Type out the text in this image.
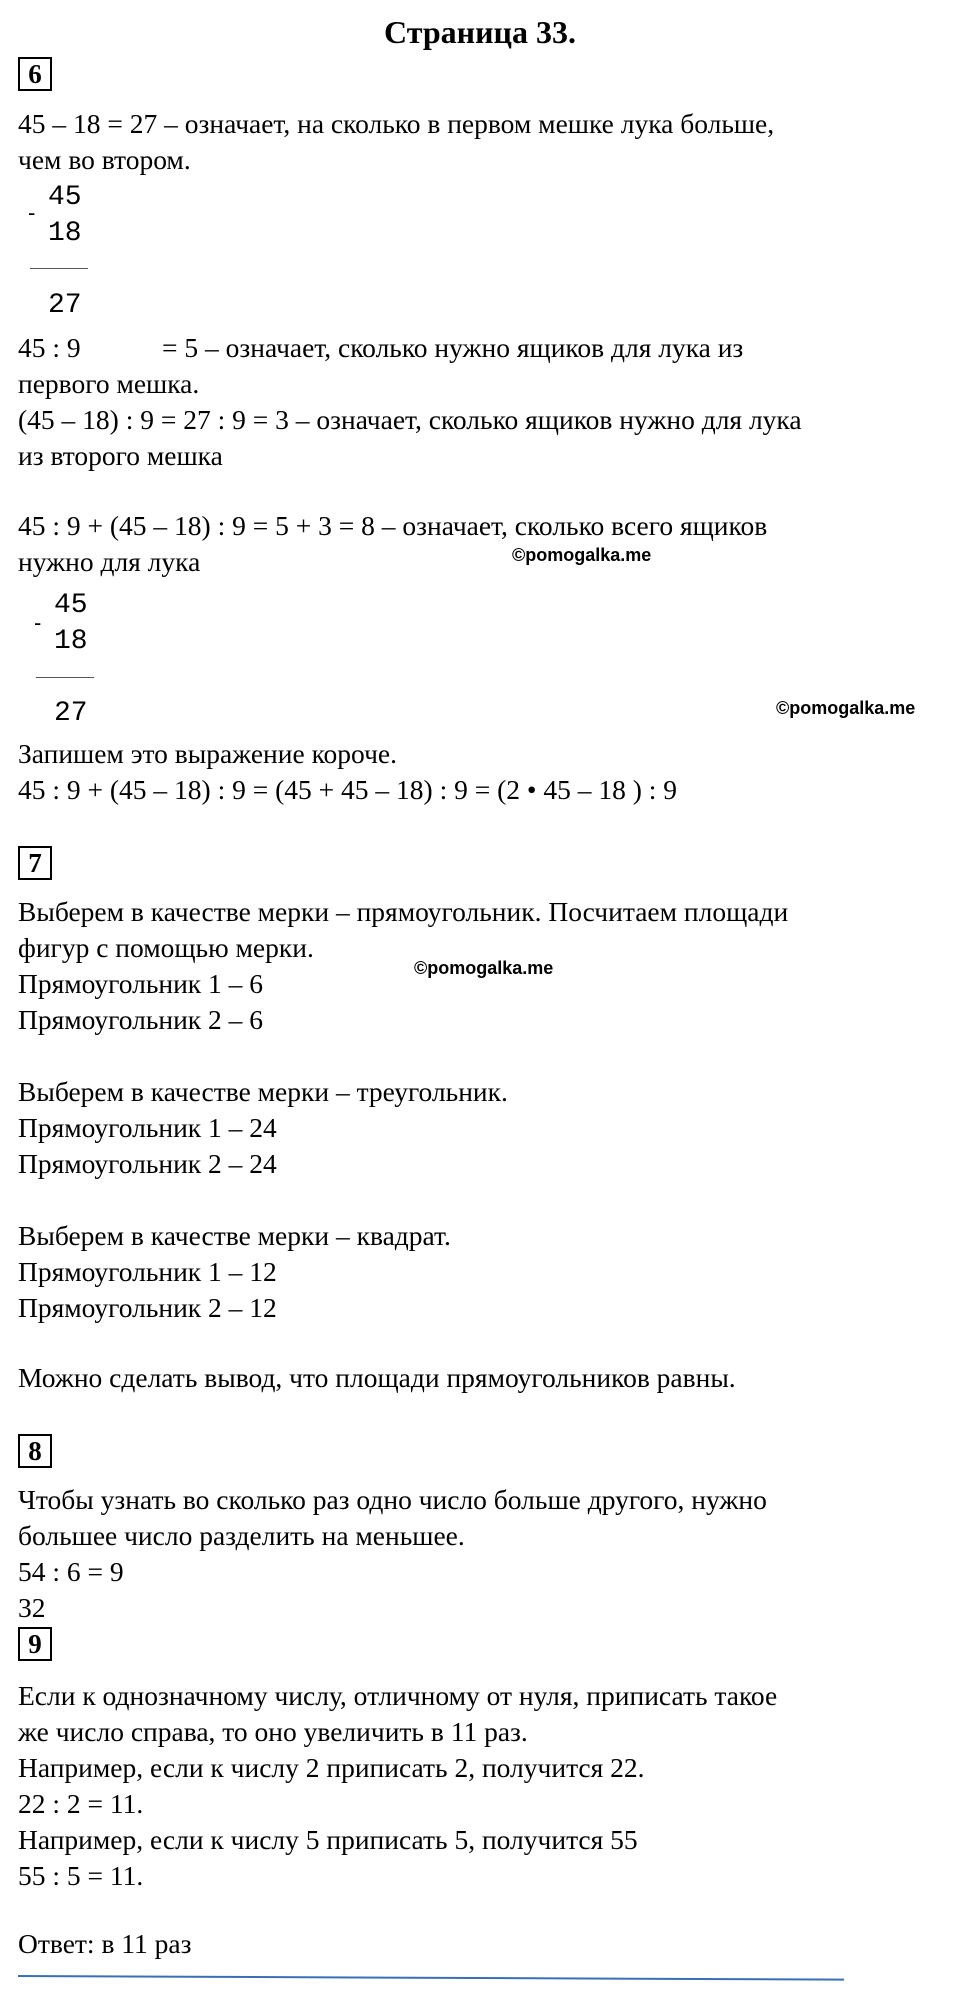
Страница 33.
6
45 – 18 = 27 – означает, на сколько в первом мешке лука больше,
чем во втором.
- 45
18
27
45 : 9	= 5 – означает, сколько нужно ящиков для лука из
первого мешка.
(45 – 18) : 9 = 27 : 9 = 3 – означает, сколько ящиков нужно для лука
из второго мешка
45 : 9 + (45 – 18) : 9 = 5 + 3 = 8 – означает, сколько всего ящиков
нужно для лука	©pomogalka.me
-
45
18
27	©pomogalka.me
Запишем это выражение короче.
45 : 9 + (45 – 18) : 9 = (45 + 45 – 18) : 9 = (2 • 45 – 18 ) : 9
7
Выберем в качестве мерки – прямоугольник. Посчитаем площади
фигур с помощью мерки.
©pomogalka.me
Прямоугольник 1 – 6
Прямоугольник 2 – 6
Выберем в качестве мерки – треугольник.
Прямоугольник 1 – 24
Прямоугольник 2 – 24
Выберем в качестве мерки – квадрат.
Прямоугольник 1 – 12
Прямоугольник 2 – 12
Можно сделать вывод, что площади прямоугольников равны.
8
Чтобы узнать во сколько раз одно число больше другого, нужно
большее число разделить на меньшее.
54 : 6 = 9
32
9
Если к однозначному числу, отличному от нуля, приписать такое
же число справа, то оно увеличить в 11 раз.
Например, если к числу 2 приписать 2, получится 22.
22 : 2 = 11.
Например, если к числу 5 приписать 5, получится 55
55 : 5 = 11.
Ответ: в 11 раз
